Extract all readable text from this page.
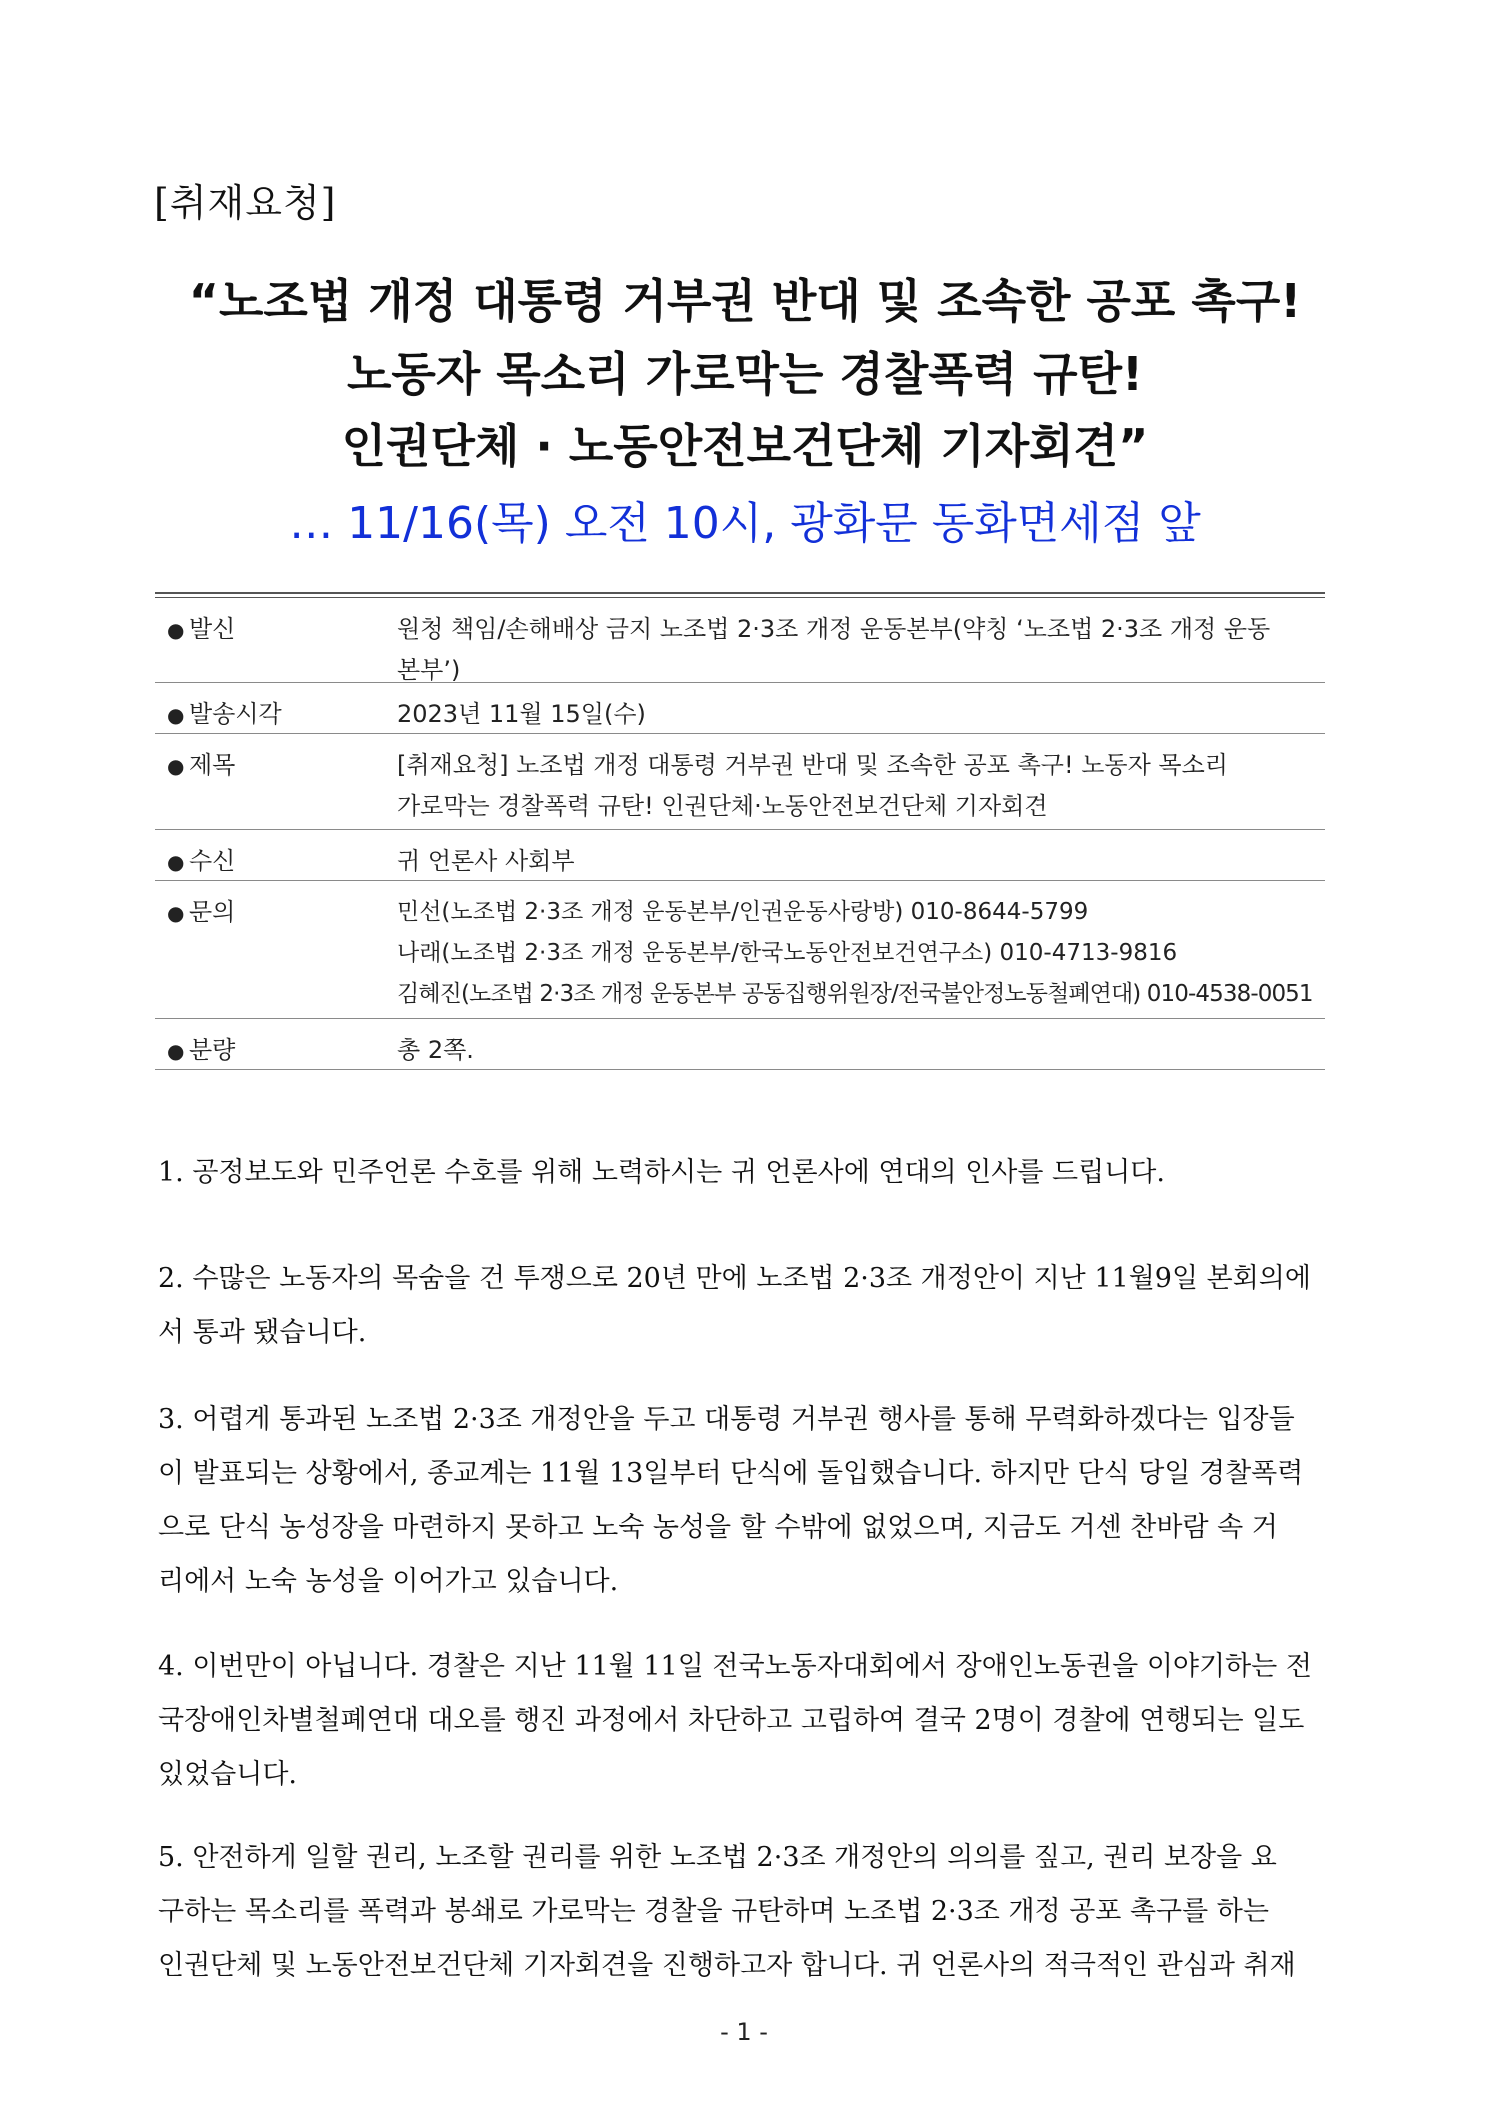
[취재요청]
“노조법 개정 대통령 거부권 반대 및 조속한 공포 촉구!
노동자 목소리 가로막는 경찰폭력 규탄!
인권단체 · 노동안전보건단체 기자회견”
… 11/16(목) 오전 10시, 광화문 동화면세점 앞
● 발신	원청 책임/손해배상 금지 노조법 2·3조 개정 운동본부(약칭 ‘노조법 2·3조 개정 운동
본부’)
● 발송시각	2023년 11월 15일(수)
● 제목	[취재요청] 노조법 개정 대통령 거부권 반대 및 조속한 공포 촉구! 노동자 목소리
가로막는 경찰폭력 규탄! 인권단체·노동안전보건단체 기자회견
● 수신	귀 언론사 사회부
● 문의	민선(노조법 2·3조 개정 운동본부/인권운동사랑방) 010-8644-5799
나래(노조법 2·3조 개정 운동본부/한국노동안전보건연구소) 010-4713-9816
김혜진(노조법 2·3조 개정 운동본부 공동집행위원장/전국불안정노동철폐연대) 010-4538-0051
● 분량	총 2쪽.
1. 공정보도와 민주언론 수호를 위해 노력하시는 귀 언론사에 연대의 인사를 드립니다.
2. 수많은 노동자의 목숨을 건 투쟁으로 20년 만에 노조법 2·3조 개정안이 지난 11월9일 본회의에
서 통과 됐습니다.
3. 어렵게 통과된 노조법 2·3조 개정안을 두고 대통령 거부권 행사를 통해 무력화하겠다는 입장들
이 발표되는 상황에서, 종교계는 11월 13일부터 단식에 돌입했습니다. 하지만 단식 당일 경찰폭력
으로 단식 농성장을 마련하지 못하고 노숙 농성을 할 수밖에 없었으며, 지금도 거센 찬바람 속 거
리에서 노숙 농성을 이어가고 있습니다.
4. 이번만이 아닙니다. 경찰은 지난 11월 11일 전국노동자대회에서 장애인노동권을 이야기하는 전
국장애인차별철폐연대 대오를 행진 과정에서 차단하고 고립하여 결국 2명이 경찰에 연행되는 일도
있었습니다.
5. 안전하게 일할 권리, 노조할 권리를 위한 노조법 2·3조 개정안의 의의를 짚고, 권리 보장을 요
구하는 목소리를 폭력과 봉쇄로 가로막는 경찰을 규탄하며 노조법 2·3조 개정 공포 촉구를 하는
인권단체 및 노동안전보건단체 기자회견을 진행하고자 합니다. 귀 언론사의 적극적인 관심과 취재
- 1 -
